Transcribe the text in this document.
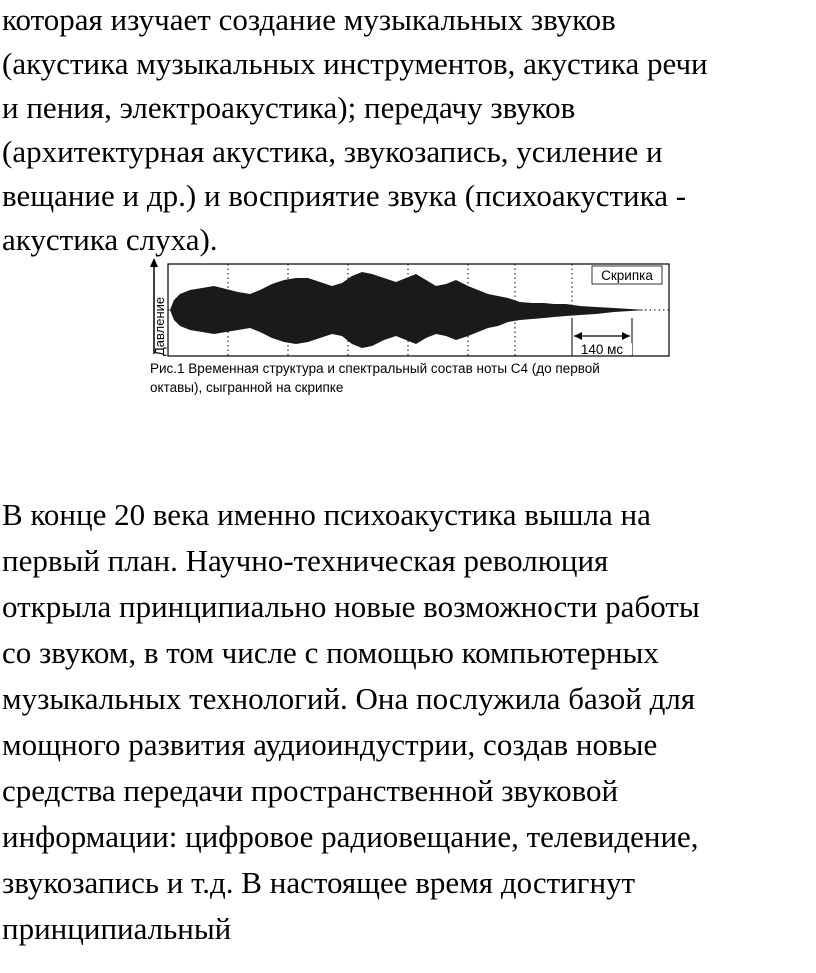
которая изучает создание музыкальных звуков
(акустика музыкальных инструментов, акустика речи
и пения, электроакустика); передачу звуков
(архитектурная акустика, звукозапись, усиление и
вещание и др.) и восприятие звука (психоакустика -
акустика слуха).

Давление
Скрипка
140 мс
Рис.1 Временная структура и спектральный состав ноты С4 (до первой
октавы), сыгранной на скрипке

В конце 20 века именно психоакустика вышла на
первый план. Научно-техническая революция
открыла принципиально новые возможности работы
со звуком, в том числе с помощью компьютерных
музыкальных технологий. Она послужила базой для
мощного развития аудиоиндустрии, создав новые
средства передачи пространственной звуковой
информации: цифровое радиовещание, телевидение,
звукозапись и т.д. В настоящее время достигнут
принципиальный
